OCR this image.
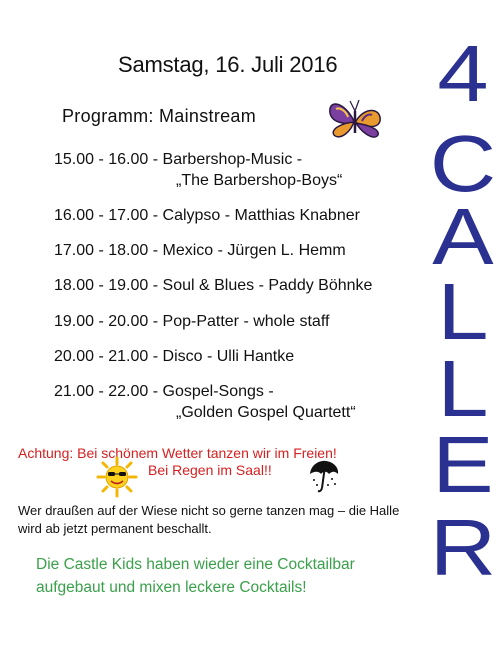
Samstag, 16. Juli 2016
Programm: Mainstream
15.00 - 16.00 - Barbershop-Music -
„The Barbershop-Boys“
16.00 - 17.00 - Calypso - Matthias Knabner
17.00 - 18.00 - Mexico - Jürgen L. Hemm
18.00 - 19.00 - Soul & Blues - Paddy Böhnke
19.00 - 20.00 - Pop-Patter - whole staff
20.00 - 21.00 - Disco - Ulli Hantke
21.00 - 22.00 - Gospel-Songs -
„Golden Gospel Quartett“
Achtung: Bei schönem Wetter tanzen wir im Freien!
Bei Regen im Saal!!
Wer draußen auf der Wiese nicht so gerne tanzen mag – die Halle wird ab jetzt permanent beschallt.
Die Castle Kids haben wieder eine Cocktailbar aufgebaut und mixen leckere Cocktails!
4
C
A
L
L
E
R
